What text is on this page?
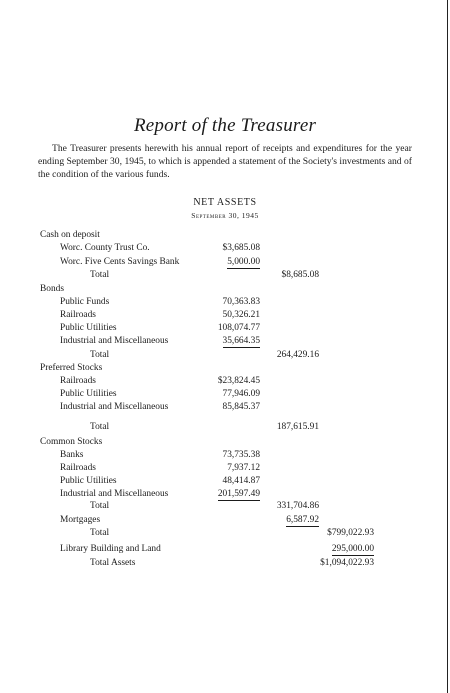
Report of the Treasurer
The Treasurer presents herewith his annual report of receipts and expenditures for the year ending September 30, 1945, to which is appended a statement of the Society's investments and of the condition of the various funds.
NET ASSETS
September 30, 1945
Cash on deposit
Worc. County Trust Co.	$3,685.08
Worc. Five Cents Savings Bank	5,000.00
Total	$8,685.08
Bonds
Public Funds	70,363.83
Railroads	50,326.21
Public Utilities	108,074.77
Industrial and Miscellaneous	35,664.35
Total	264,429.16
Preferred Stocks
Railroads	$23,824.45
Public Utilities	77,946.09
Industrial and Miscellaneous	85,845.37
Total	187,615.91
Common Stocks
Banks	73,735.38
Railroads	7,937.12
Public Utilities	48,414.87
Industrial and Miscellaneous	201,597.49
Total	331,704.86
Mortgages	6,587.92
Total	$799,022.93
Library Building and Land	295,000.00
Total Assets	$1,094,022.93
